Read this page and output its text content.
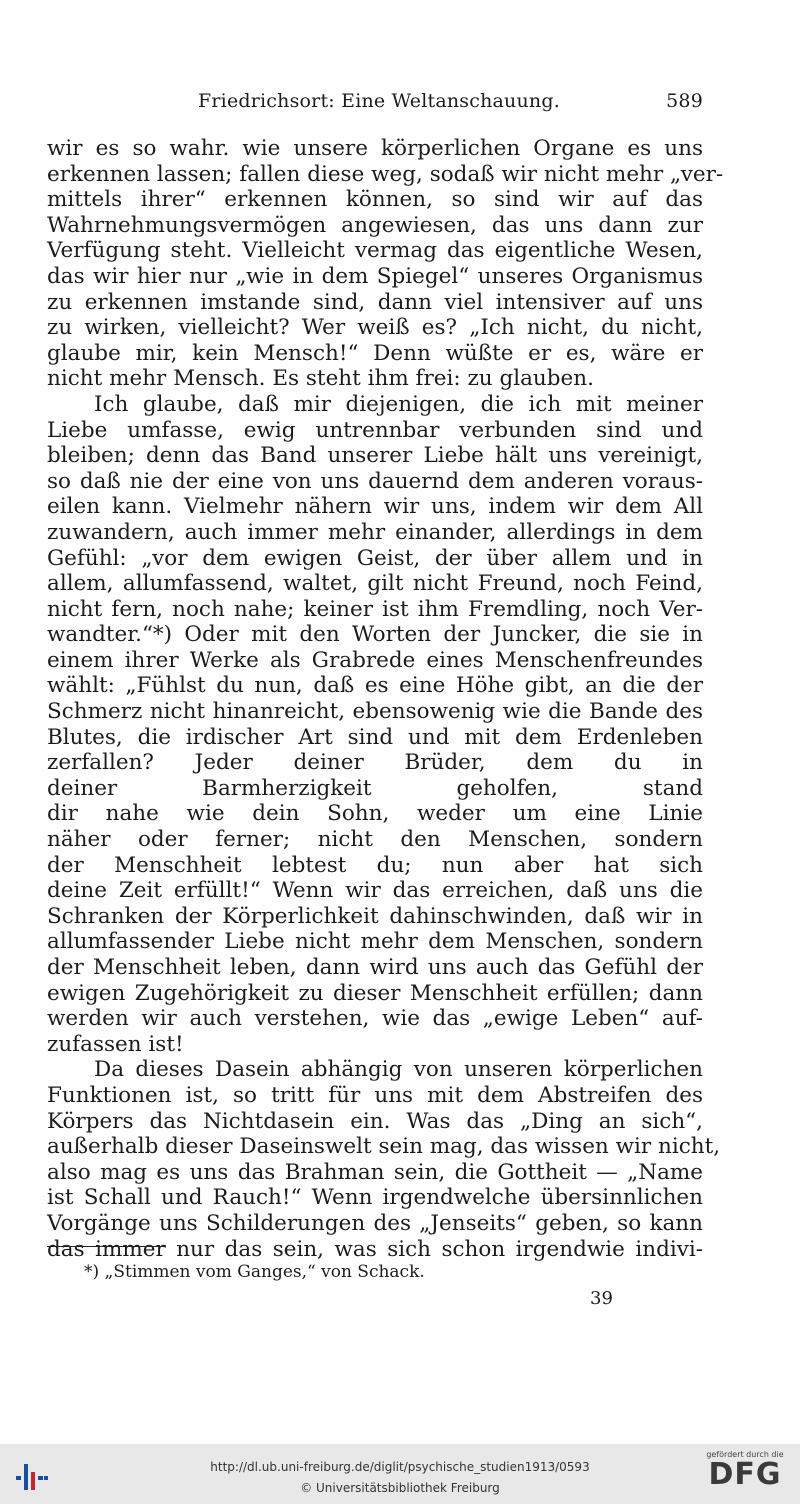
Friedrichsort: Eine Weltanschauung.	589
wir es so wahr. wie unsere körperlichen Organe es uns
erkennen lassen; fallen diese weg, sodaß wir nicht mehr „ver-
mittels ihrer“ erkennen können, so sind wir auf das
Wahrnehmungsvermögen angewiesen, das uns dann zur
Verfügung steht. Vielleicht vermag das eigentliche Wesen,
das wir hier nur „wie in dem Spiegel“ unseres Organismus
zu erkennen imstande sind, dann viel intensiver auf uns
zu wirken, vielleicht? Wer weiß es? „Ich nicht, du nicht,
glaube mir, kein Mensch!“ Denn wüßte er es, wäre er
nicht mehr Mensch. Es steht ihm frei: zu glauben.
Ich glaube, daß mir diejenigen, die ich mit meiner
Liebe umfasse, ewig untrennbar verbunden sind und
bleiben; denn das Band unserer Liebe hält uns vereinigt,
so daß nie der eine von uns dauernd dem anderen voraus-
eilen kann. Vielmehr nähern wir uns, indem wir dem All
zuwandern, auch immer mehr einander, allerdings in dem
Gefühl: „vor dem ewigen Geist, der über allem und in
allem, allumfassend, waltet, gilt nicht Freund, noch Feind,
nicht fern, noch nahe; keiner ist ihm Fremdling, noch Ver-
wandter.“*) Oder mit den Worten der Juncker, die sie in
einem ihrer Werke als Grabrede eines Menschenfreundes
wählt: „Fühlst du nun, daß es eine Höhe gibt, an die der
Schmerz nicht hinanreicht, ebensowenig wie die Bande des
Blutes, die irdischer Art sind und mit dem Erdenleben
zerfallen? Jeder deiner Brüder, dem du in
deiner Barmherzigkeit geholfen, stand
dir nahe wie dein Sohn, weder um eine Linie
näher oder ferner; nicht den Menschen, sondern
der Menschheit lebtest du; nun aber hat sich
deine Zeit erfüllt!“ Wenn wir das erreichen, daß uns die
Schranken der Körperlichkeit dahinschwinden, daß wir in
allumfassender Liebe nicht mehr dem Menschen, sondern
der Menschheit leben, dann wird uns auch das Gefühl der
ewigen Zugehörigkeit zu dieser Menschheit erfüllen; dann
werden wir auch verstehen, wie das „ewige Leben“ auf-
zufassen ist!
Da dieses Dasein abhängig von unseren körperlichen
Funktionen ist, so tritt für uns mit dem Abstreifen des
Körpers das Nichtdasein ein. Was das „Ding an sich“,
außerhalb dieser Daseinswelt sein mag, das wissen wir nicht,
also mag es uns das Brahman sein, die Gottheit — „Name
ist Schall und Rauch!“ Wenn irgendwelche übersinnlichen
Vorgänge uns Schilderungen des „Jenseits“ geben, so kann
das immer nur das sein, was sich schon irgendwie indivi-
*) „Stimmen vom Ganges,“ von Schack.
39
http://dl.ub.uni-freiburg.de/diglit/psychische_studien1913/0593
© Universitätsbibliothek Freiburg
gefördert durch die
DFG
